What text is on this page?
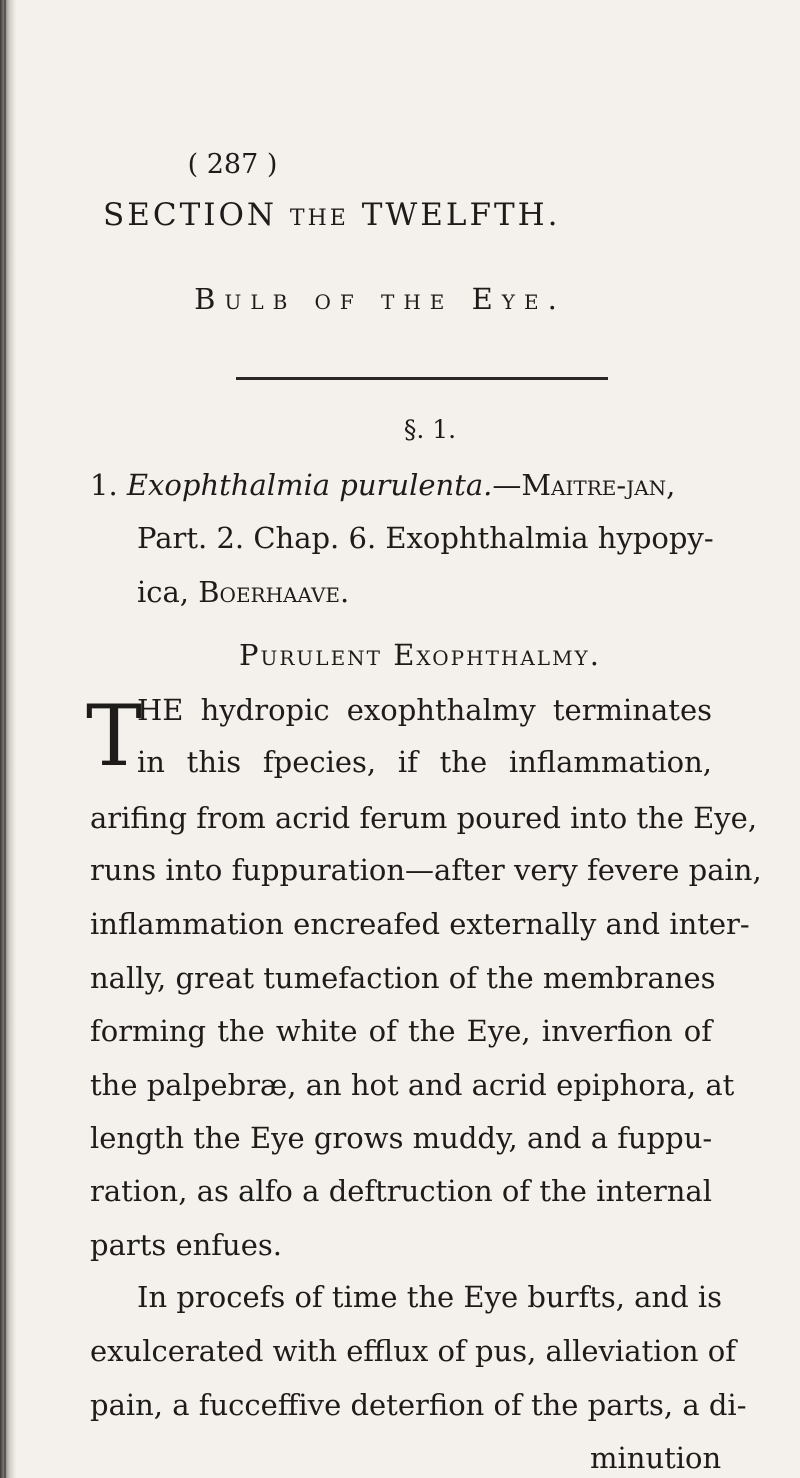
( 287 )
SECTION THE TWELFTH.
Bulb of the Eye.
§. 1.
1. Exophthalmia purulenta.—Maitre-jan,
Part. 2. Chap. 6. Exophthalmia hypopy-
ica, Boerhaave.
Purulent Exophthalmy.
T
HE hydropic exophthalmy terminates
in this fpecies, if the inflammation,
arifing from acrid ferum poured into the Eye,
runs into fuppuration—after very fevere pain,
inflammation encreafed externally and inter-
nally, great tumefaction of the membranes
forming the white of the Eye, inverfion of
the palpebræ, an hot and acrid epiphora, at
length the Eye grows muddy, and a fuppu-
ration, as alfo a deftruction of the internal
parts enfues.
In procefs of time the Eye burfts, and is
exulcerated with efflux of pus, alleviation of
pain, a fucceffive deterfion of the parts, a di-
minution
